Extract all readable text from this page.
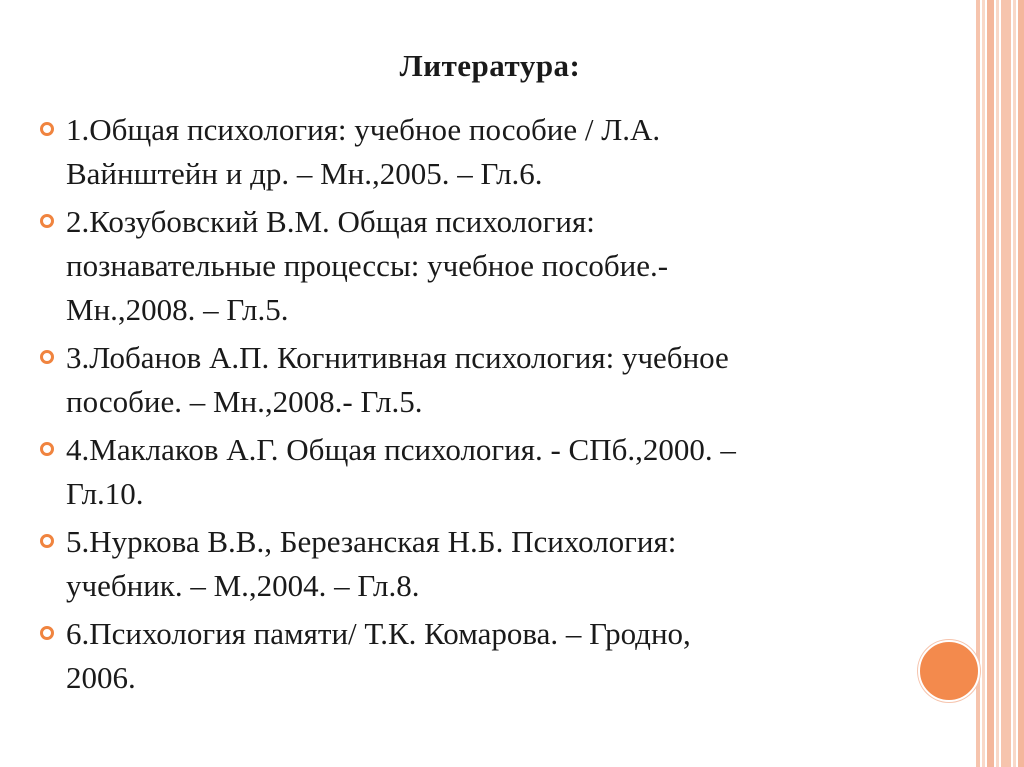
Литература:
1.Общая психология: учебное пособие / Л.А.
Вайнштейн и др. – Мн.,2005. – Гл.6.
2.Козубовский В.М. Общая психология:
познавательные процессы: учебное пособие.-
Мн.,2008. – Гл.5.
3.Лобанов А.П. Когнитивная психология: учебное
пособие. – Мн.,2008.- Гл.5.
4.Маклаков А.Г. Общая психология. - СПб.,2000. –
Гл.10.
5.Нуркова В.В., Березанская Н.Б. Психология:
учебник. – М.,2004. – Гл.8.
6.Психология памяти/ Т.К. Комарова. – Гродно,
2006.
